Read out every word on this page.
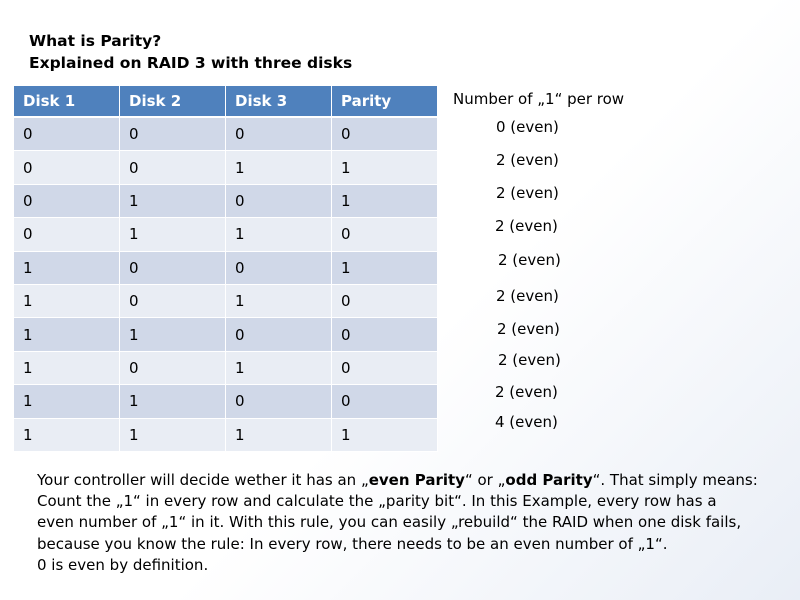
What is Parity?
Explained on RAID 3 with three disks
Disk 1	Disk 2	Disk 3	Parity
0	0	0	0
0	0	1	1
0	1	0	1
0	1	1	0
1	0	0	1
1	0	1	0
1	1	0	0
1	0	1	0
1	1	0	0
1	1	1	1
Number of „1“ per row
0 (even)
2 (even)
2 (even)
2 (even)
2 (even)
2 (even)
2 (even)
2 (even)
2 (even)
4 (even)
Your controller will decide wether it has an „even Parity“ or „odd Parity“. That simply means:
Count the „1“ in every row and calculate the „parity bit“. In this Example, every row has a
even number of „1“ in it. With this rule, you can easily „rebuild“ the RAID when one disk fails,
because you know the rule: In every row, there needs to be an even number of „1“.
0 is even by definition.
